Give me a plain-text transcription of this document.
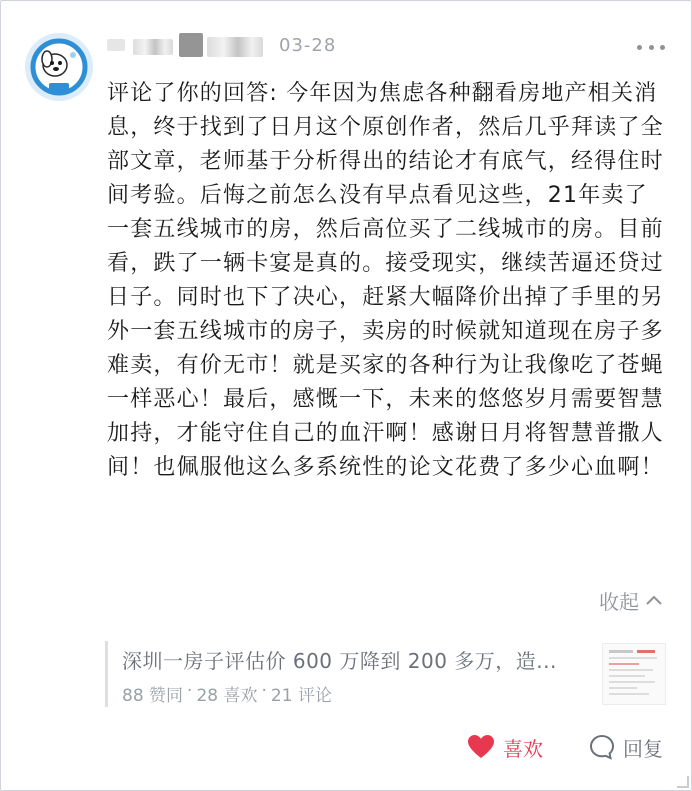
03-28

评论了你的回答: 今年因为焦虑各种翻看房地产相关消息，终于找到了日月这个原创作者，然后几乎拜读了全部文章，老师基于分析得出的结论才有底气，经得住时间考验。后悔之前怎么没有早点看见这些，21年卖了一套五线城市的房，然后高位买了二线城市的房。目前看，跌了一辆卡宴是真的。接受现实，继续苦逼还贷过日子。同时也下了决心，赶紧大幅降价出掉了手里的另外一套五线城市的房子，卖房的时候就知道现在房子多难卖，有价无市！就是买家的各种行为让我像吃了苍蝇一样恶心！最后，感慨一下，未来的悠悠岁月需要智慧加持，才能守住自己的血汗啊！感谢日月将智慧普撒人间！也佩服他这么多系统性的论文花费了多少心血啊！

收起
深圳一房子评估价 600 万降到 200 多万，造...
88 赞同 · 28 喜欢 · 21 评论
喜欢	回复
